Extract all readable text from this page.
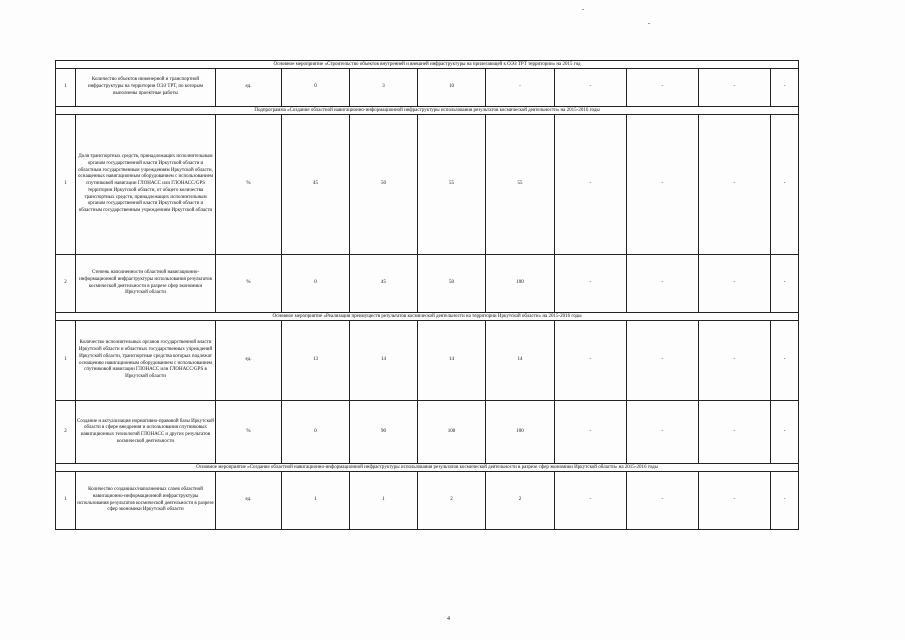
Основное мероприятие «Строительство объектов внутренней и внешней инфраструктуры на прилегающей к ОЭЗ ТРТ территории» на 2015 год										
1	Количество объектов инженерной и транспортной инфраструктуры на территории ОЭЗ ТРТ, по которым выполнены проектные работы	ед.	0	3	10	-	-	-	-	-
Подпрограмма «Создание областной навигационно-информационной инфраструктуры использования результатов космической деятельности» на 2015-2016 годы										
1	Доля транспортных средств, принадлежащих исполнительным органам государственной власти Иркутской области и областным государственным учреждениям Иркутской области, оснащенных навигационным оборудованием с использованием спутниковой навигации ГЛОНАСС или ГЛОНАСС/GPS территории Иркутской области, от общего количества транспортных средств, принадлежащих исполнительным органам государственной власти Иркутской области и областным государственным учреждениям Иркутской области	%	45	50	55	55	-	-	-	-
2	Степень наполненности областной навигационно-информационной инфраструктуры использования результатов космической деятельности в разрезе сфер экономики Иркутской области	%	0	45	50	100	-	-	-	-
Основное мероприятие «Реализация преимуществ результатов космической деятельности на территории Иркутской области» на 2015-2016 годы										
1	Количество исполнительных органов государственной власти Иркутской области и областных государственных учреждений Иркутской области, транспортные средства которых подлежат оснащению навигационным оборудованием с использованием спутниковой навигации ГЛОНАСС или ГЛОНАСС/GPS в Иркутской области	ед.	13	14	14	14	-	-	-	-
2	Создание и актуализация нормативно-правовой базы Иркутской области в сфере внедрения и использования спутниковых навигационных технологий ГЛОНАСС и других результатов космической деятельности	%	0	90	100	100	-	-	-	-
Основное мероприятие «Создание областной навигационно-информационной инфраструктуры использования результатов космической деятельности в разрезе сфер экономики Иркутской области» на 2015-2016 годы										
1	Количество созданных/наполненных слоев областной навигационно-информационной инфраструктуры использования результатов космической деятельности в разрезе сфер экономики Иркутской области	ед.	1	1	2	2	-	-	-	-
4
